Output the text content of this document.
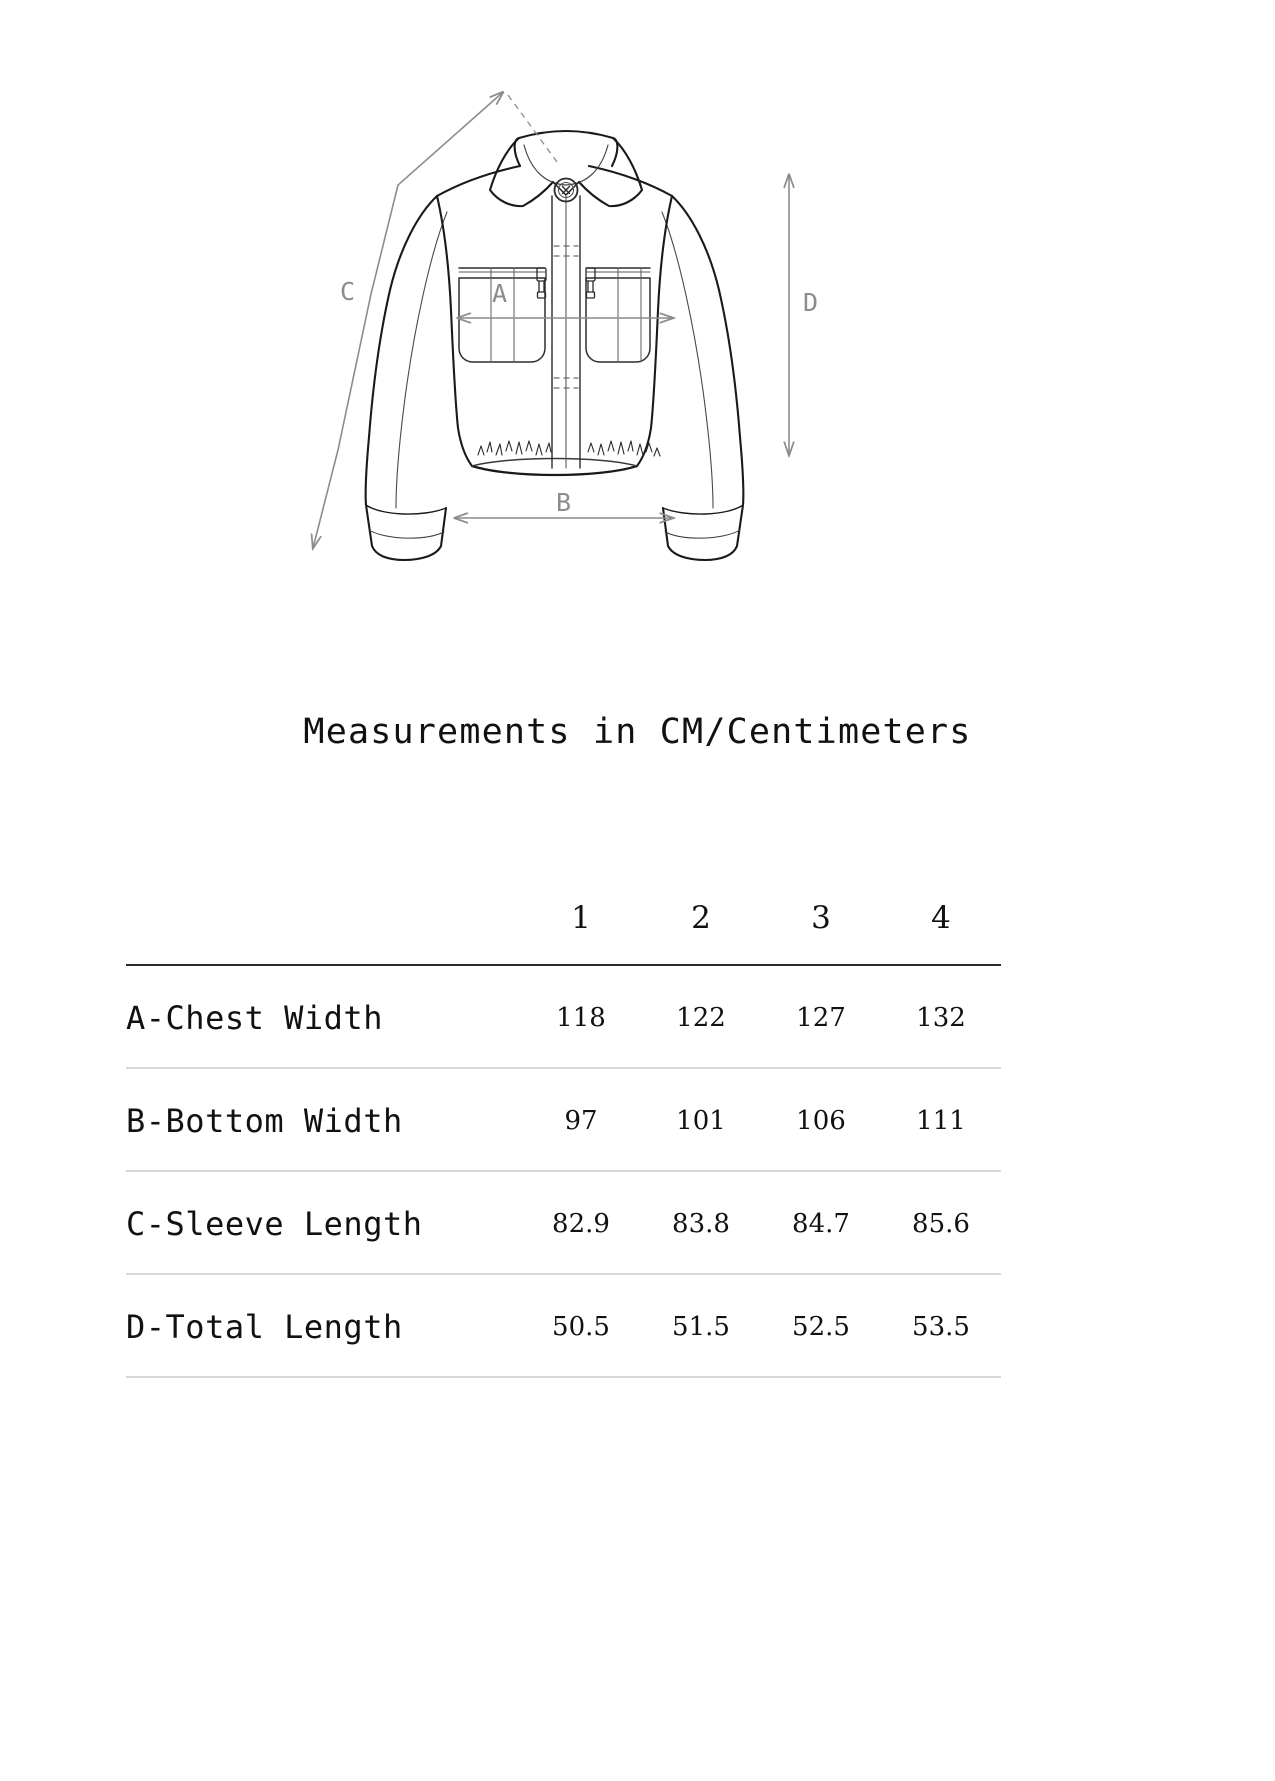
A
B
C	D
Measurements in CM/Centimeters
	1	2	3	4
A-Chest Width	118	122	127	132
B-Bottom Width	97	101	106	111
C-Sleeve Length	82.9	83.8	84.7	85.6
D-Total Length	50.5	51.5	52.5	53.5
